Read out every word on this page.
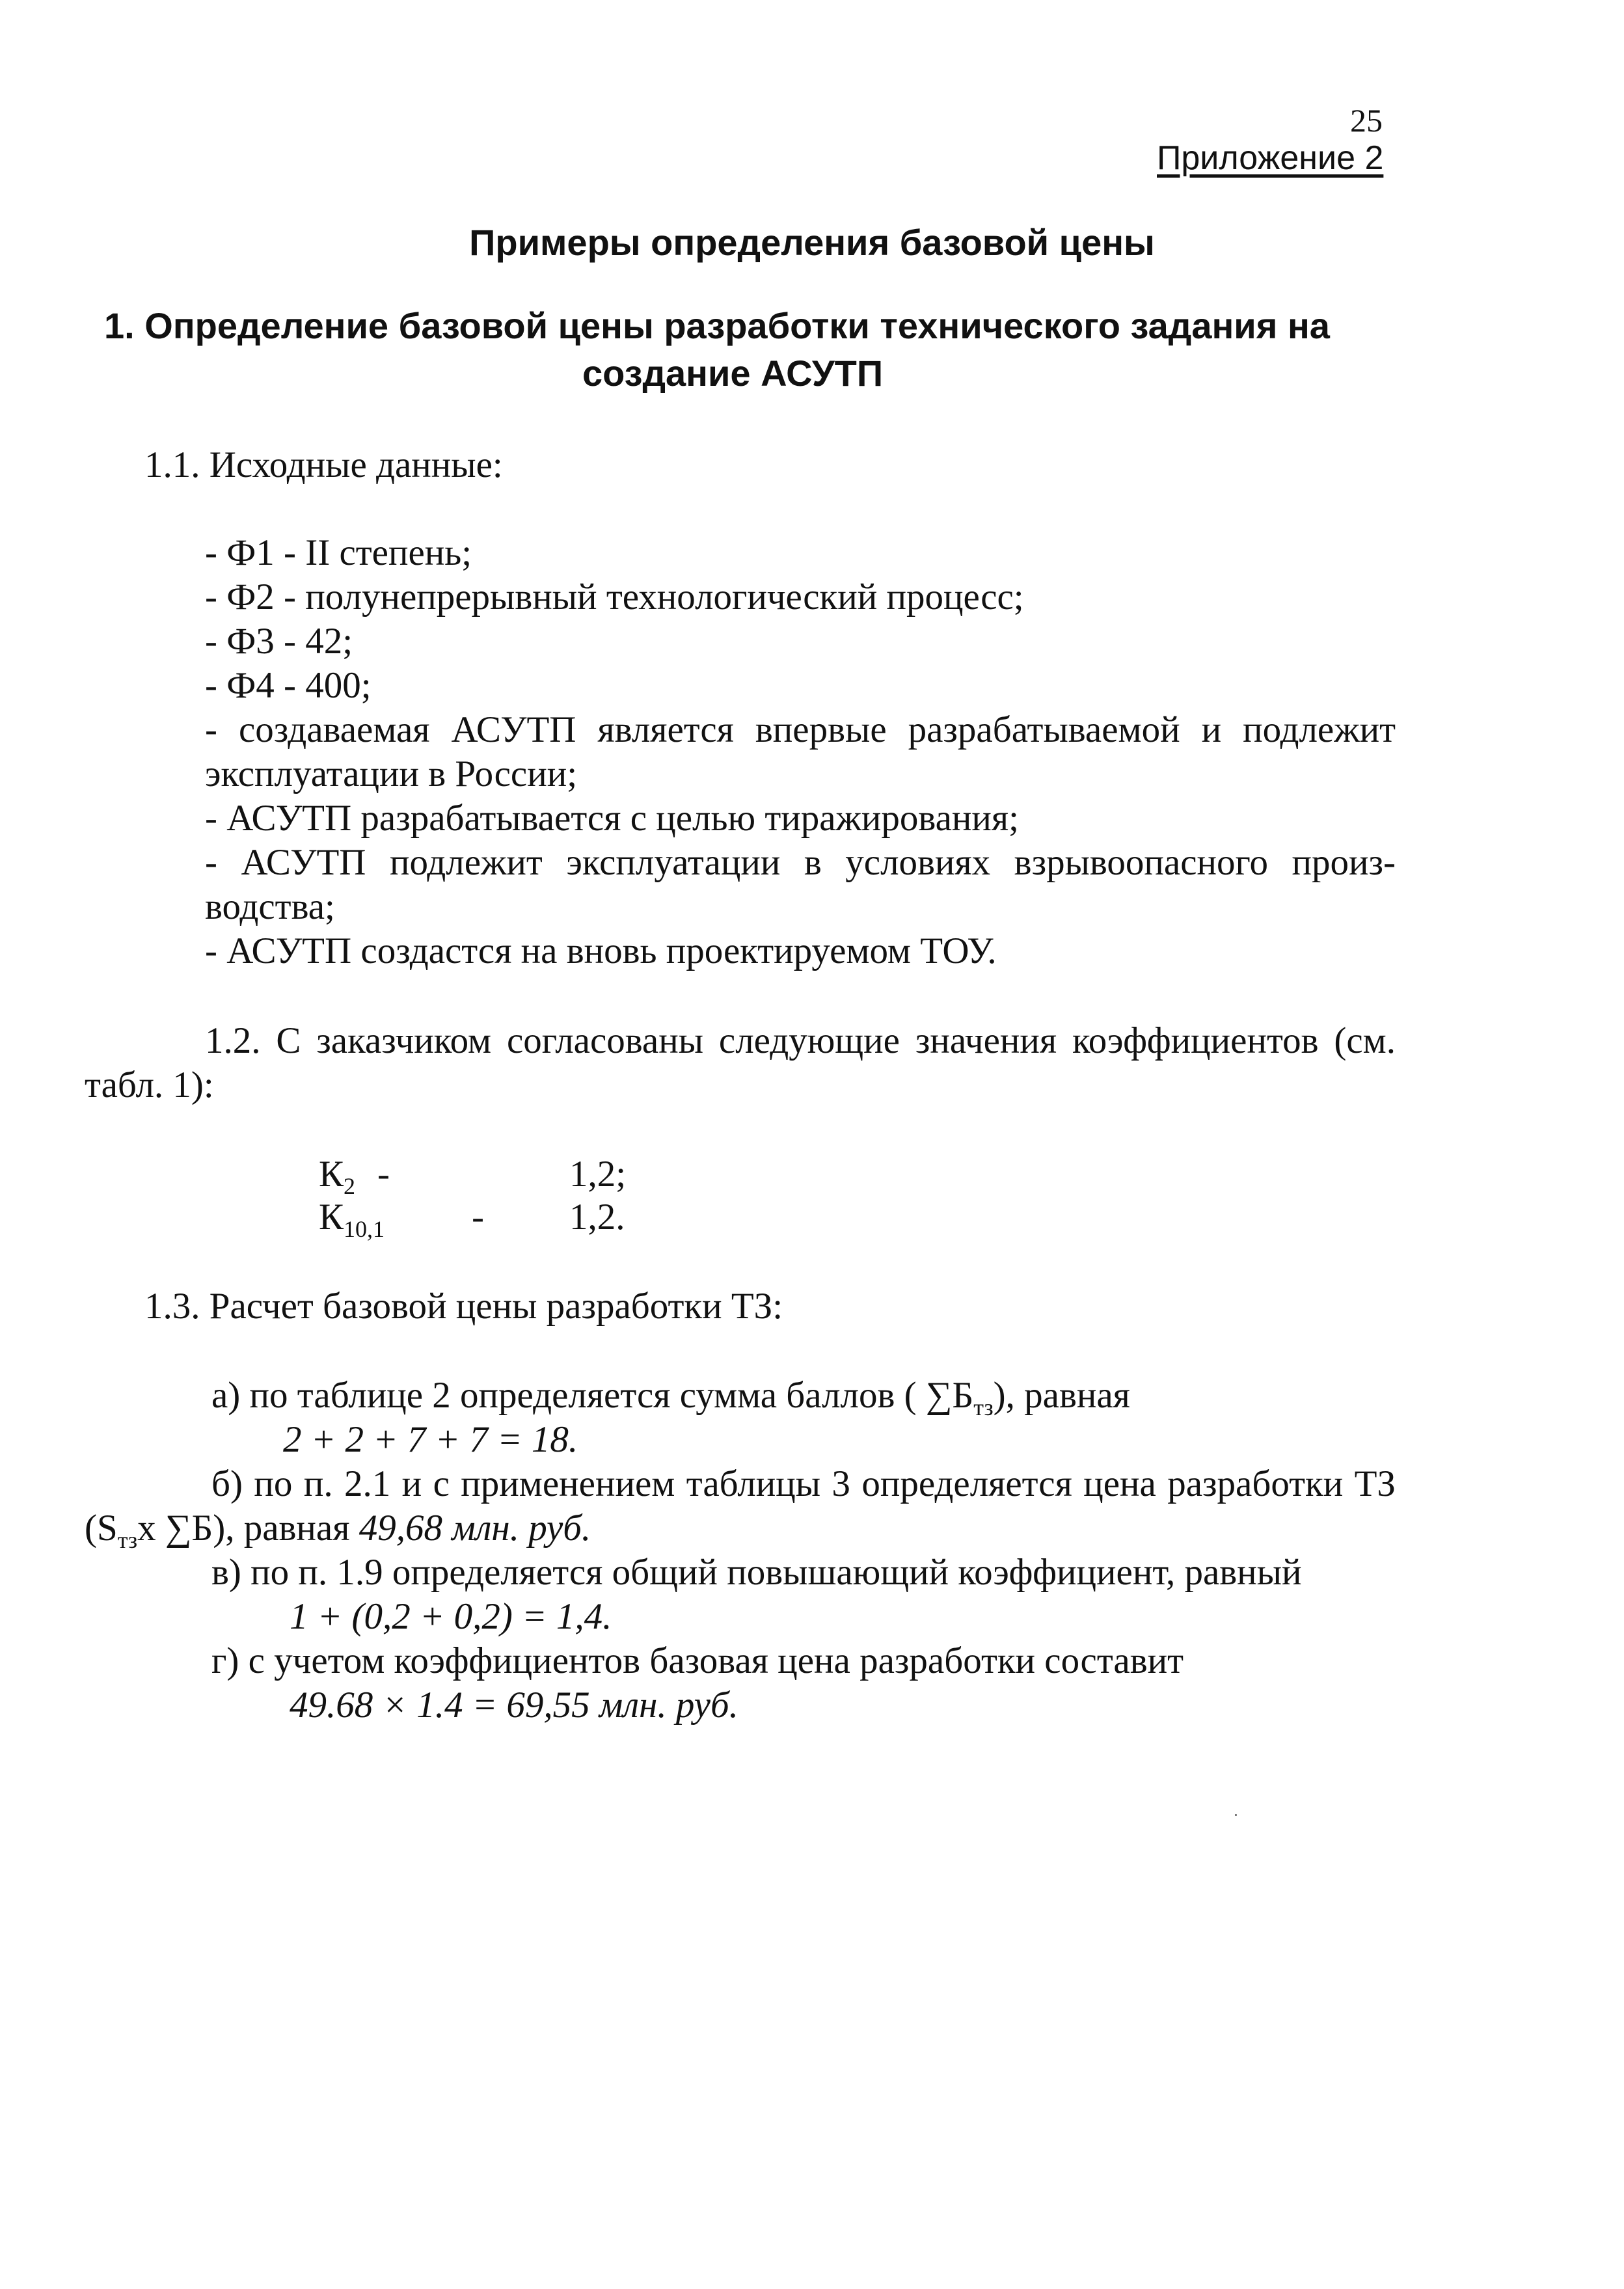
25
Приложение 2
Примеры определения базовой цены
1. Определение базовой цены разработки технического задания на
создание АСУТП
1.1. Исходные данные:
- Ф1 - II степень;
- Ф2 - полунепрерывный технологический процесс;
- Ф3 - 42;
- Ф4 - 400;
- создаваемая АСУТП является впервые разрабатываемой и подлежит
эксплуатации в России;
- АСУТП разрабатывается с целью тиражирования;
- АСУТП подлежит эксплуатации в условиях взрывоопасного произ-
водства;
- АСУТП создастся на вновь проектируемом ТОУ.
1.2. С заказчиком согласованы следующие значения коэффициентов (см.
табл. 1):
$К_2$ -	1,2;
$К_{10,1} - 1,2$.
1.3. Расчет базовой цены разработки ТЗ:
а) по таблице 2 определяется сумма баллов ( $\sum Б_{тз}$), равная
2 + 2 + 7 + 7 = 18.
б) по п. 2.1 и с применением таблицы 3 определяется цена разработки ТЗ
($S_{тз}х$ ∑Б), равная 49,68 млн. руб.
в) по п. 1.9 определяется общий повышающий коэффициент, равный
1 + (0,2 + 0,2) = 1,4.
г) с учетом коэффициентов базовая цена разработки составит
49.68 × 1.4 = 69,55 млн. руб.
